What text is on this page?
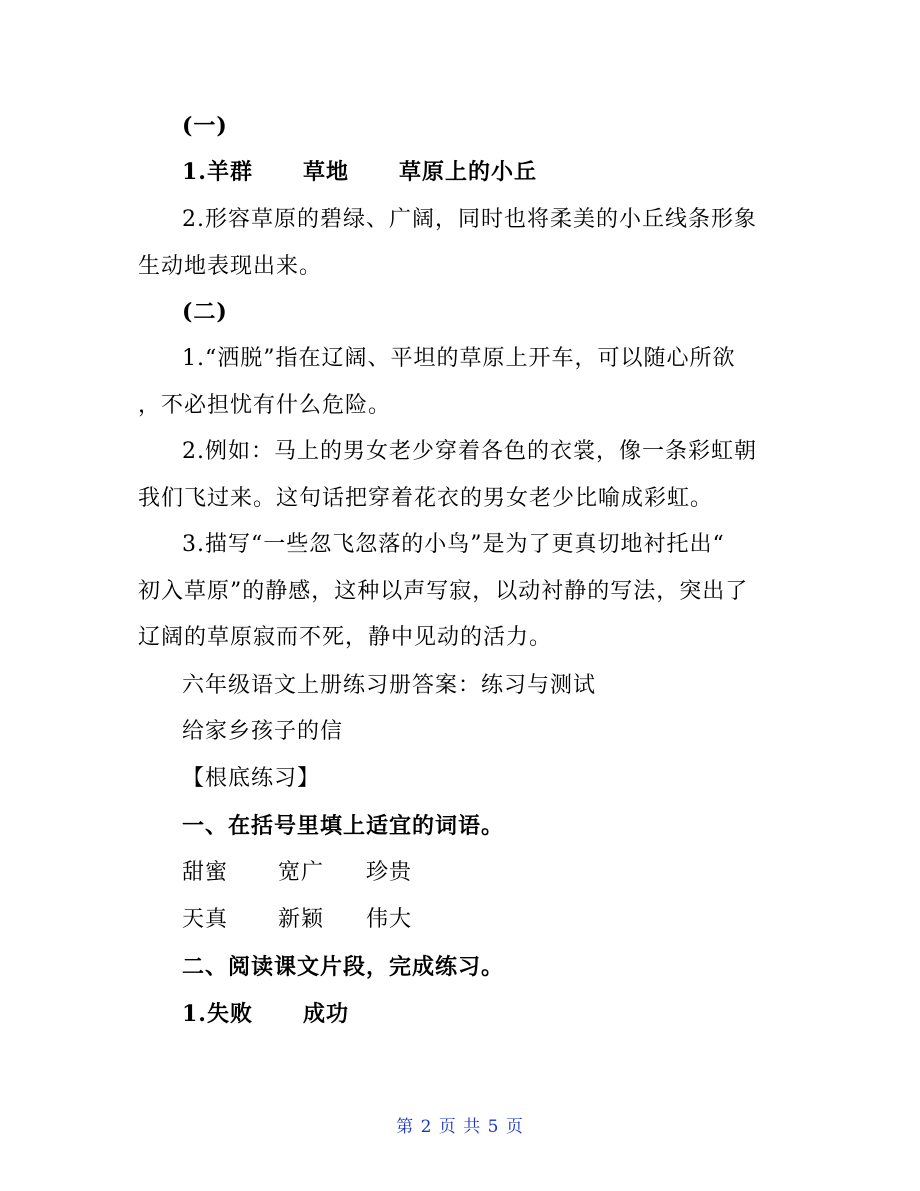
(一)
1.羊群 草地 草原上的小丘
2.形容草原的碧绿、广阔，同时也将柔美的小丘线条形象
生动地表现出来。
(二)
1.“洒脱”指在辽阔、平坦的草原上开车，可以随心所欲
，不必担忧有什么危险。
2.例如：马上的男女老少穿着各色的衣裳，像一条彩虹朝
我们飞过来。这句话把穿着花衣的男女老少比喻成彩虹。
3.描写“一些忽飞忽落的小鸟”是为了更真切地衬托出“
初入草原”的静感，这种以声写寂，以动衬静的写法，突出了
辽阔的草原寂而不死，静中见动的活力。
六年级语文上册练习册答案：练习与测试
给家乡孩子的信
【根底练习】
一、在括号里填上适宜的词语。
甜蜜 宽广 珍贵
天真 新颖 伟大
二、阅读课文片段，完成练习。
1.失败 成功
第 2 页 共 5 页
